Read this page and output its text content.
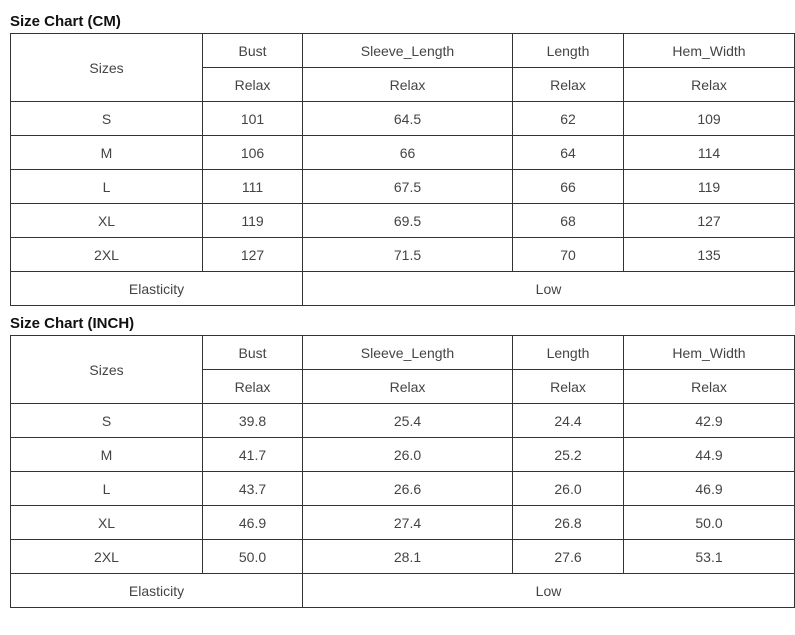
Size Chart (CM)
Sizes	Bust	Sleeve_Length	Length	Hem_Width
	Relax	Relax	Relax	Relax
S	101	64.5	62	109
M	106	66	64	114
L	111	67.5	66	119
XL	119	69.5	68	127
2XL	127	71.5	70	135
Elasticity		Low		
Size Chart (INCH)
Sizes	Bust	Sleeve_Length	Length	Hem_Width
	Relax	Relax	Relax	Relax
S	39.8	25.4	24.4	42.9
M	41.7	26.0	25.2	44.9
L	43.7	26.6	26.0	46.9
XL	46.9	27.4	26.8	50.0
2XL	50.0	28.1	27.6	53.1
Elasticity		Low		
